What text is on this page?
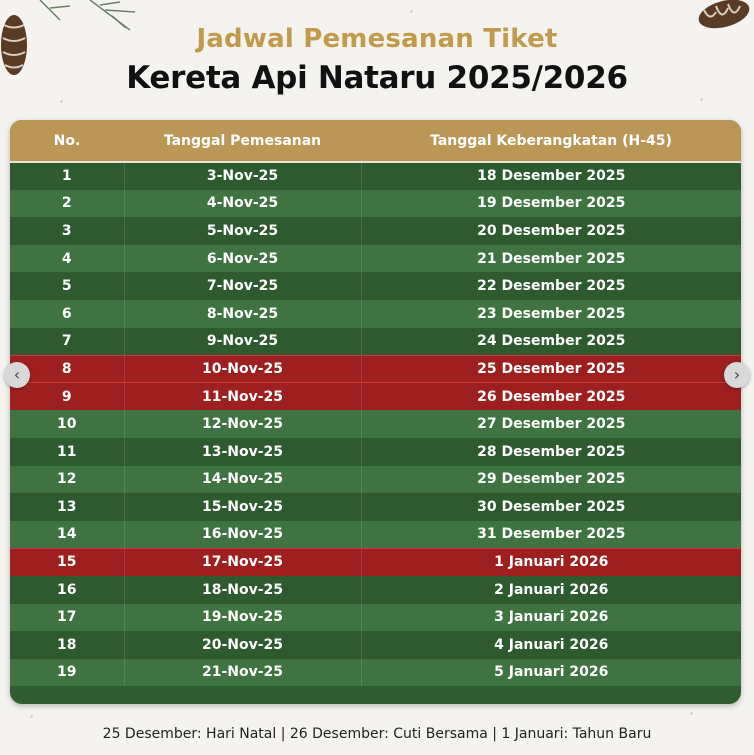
Jadwal Pemesanan Tiket
Kereta Api Nataru 2025/2026
No.	Tanggal Pemesanan	Tanggal Keberangkatan (H-45)
1	3-Nov-25	18 Desember 2025
2	4-Nov-25	19 Desember 2025
3	5-Nov-25	20 Desember 2025
4	6-Nov-25	21 Desember 2025
5	7-Nov-25	22 Desember 2025
6	8-Nov-25	23 Desember 2025
7	9-Nov-25	24 Desember 2025
8	10-Nov-25	25 Desember 2025
9	11-Nov-25	26 Desember 2025
10	12-Nov-25	27 Desember 2025
11	13-Nov-25	28 Desember 2025
12	14-Nov-25	29 Desember 2025
13	15-Nov-25	30 Desember 2025
14	16-Nov-25	31 Desember 2025
15	17-Nov-25	1 Januari 2026
16	18-Nov-25	2 Januari 2026
17	19-Nov-25	3 Januari 2026
18	20-Nov-25	4 Januari 2026
19	21-Nov-25	5 Januari 2026
‹	›
25 Desember: Hari Natal | 26 Desember: Cuti Bersama | 1 Januari: Tahun Baru
